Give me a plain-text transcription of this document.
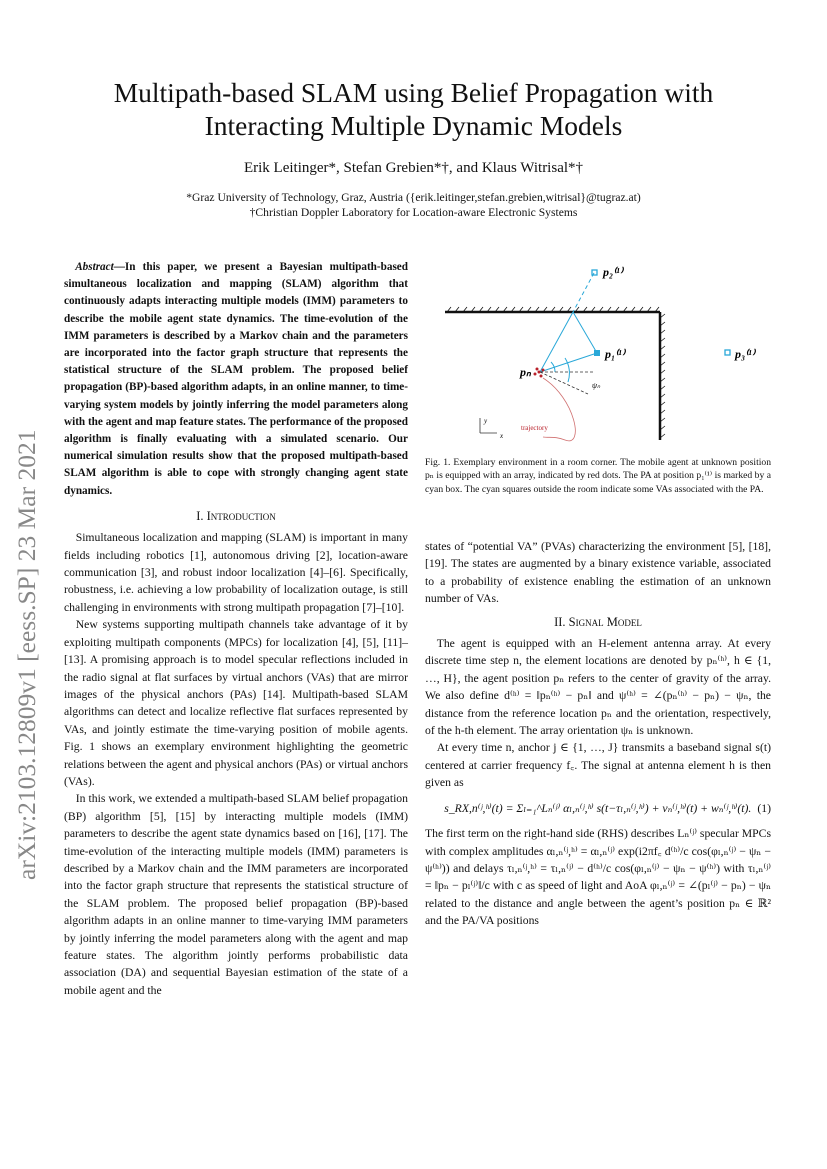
arXiv:2103.12809v1 [eess.SP] 23 Mar 2021
Multipath-based SLAM using Belief Propagation with Interacting Multiple Dynamic Models
Erik Leitinger*, Stefan Grebien*†, and Klaus Witrisal*†
*Graz University of Technology, Graz, Austria ({erik.leitinger,stefan.grebien,witrisal}@tugraz.at)
†Christian Doppler Laboratory for Location-aware Electronic Systems

Abstract—In this paper, we present a Bayesian multipath-based simultaneous localization and mapping (SLAM) algorithm that continuously adapts interacting multiple models (IMM) parameters to describe the mobile agent state dynamics. The time-evolution of the IMM parameters is described by a Markov chain and the parameters are incorporated into the factor graph structure that represents the statistical structure of the SLAM problem. The proposed belief propagation (BP)-based algorithm adapts, in an online manner, to time-varying system models by jointly inferring the model parameters along with the agent and map feature states. The performance of the proposed algorithm is finally evaluating with a simulated scenario. Our numerical simulation results show that the proposed multipath-based SLAM algorithm is able to cope with strongly changing agent state dynamics.

I. Introduction

Simultaneous localization and mapping (SLAM) is important in many fields including robotics [1], autonomous driving [2], location-aware communication [3], and robust indoor localization [4]–[6]. Specifically, robustness, i.e. achieving a low probability of localization outage, is still challenging in environments with strong multipath propagation [7]–[10].

New systems supporting multipath channels take advantage of it by exploiting multipath components (MPCs) for localization [4], [5], [11]–[13]. A promising approach is to model specular reflections included in the radio signal at flat surfaces by virtual anchors (VAs) that are mirror images of the physical anchors (PAs) [14]. Multipath-based SLAM algorithms can detect and localize reflective flat surfaces represented by VAs, and jointly estimate the time-varying position of mobile agents. Fig. 1 shows an exemplary environment highlighting the geometric relations between the agent and physical anchors (PAs) or virtual anchors (VAs).

In this work, we extended a multipath-based SLAM belief propagation (BP) algorithm [5], [15] by interacting multiple models (IMM) parameters to describe the agent state dynamics based on [16], [17]. The time-evolution of the interacting multiple models (IMM) parameters is described by a Markov chain and the IMM parameters are incorporated into the factor graph structure that represents the statistical structure of the SLAM problem. The proposed belief propagation (BP)-based algorithm adapts in an online manner to time-varying IMM parameters by jointly inferring the model parameters along with the agent and map feature states. The algorithm jointly performs probabilistic data association (DA) and sequential Bayesian estimation of the state of a mobile agent and the

p₂⁽¹⁾
p₁⁽¹⁾	p₃⁽¹⁾
pₙ
ψₙ
trajectory
x
y
Fig. 1. Exemplary environment in a room corner. The mobile agent at unknown position pₙ is equipped with an array, indicated by red dots. The PA at position p₁⁽¹⁾ is marked by a cyan box. The cyan squares outside the room indicate some VAs associated with the PA.

states of “potential VA” (PVAs) characterizing the environment [5], [18], [19]. The states are augmented by a binary existence variable, associated to a probability of existence enabling the estimation of an unknown number of VAs.

II. Signal Model

The agent is equipped with an H-element antenna array. At every discrete time step n, the element locations are denoted by pₙ⁽ʰ⁾, h ∈ {1, …, H}, the agent position pₙ refers to the center of gravity of the array. We also define d⁽ʰ⁾ = ‖pₙ⁽ʰ⁾ − pₙ‖ and ψ⁽ʰ⁾ = ∠(pₙ⁽ʰ⁾ − pₙ) − ψₙ, the distance from the reference location pₙ and the orientation, respectively, of the h-th element. The array orientation ψₙ is unknown.

At every time n, anchor j ∈ {1, …, J} transmits a baseband signal s(t) centered at carrier frequency f꜀. The signal at antenna element h is then given as

s_RX,n⁽ʲ,ʰ⁾(t) = Σₗ₌₁^Lₙ⁽ʲ⁾ αₗ,ₙ⁽ʲ,ʰ⁾ s(t−τₗ,ₙ⁽ʲ,ʰ⁾) + νₙ⁽ʲ,ʰ⁾(t) + wₙ⁽ʲ,ʰ⁾(t). (1)

The first term on the right-hand side (RHS) describes Lₙ⁽ʲ⁾ specular MPCs with complex amplitudes αₗ,ₙ⁽ʲ,ʰ⁾ = αₗ,ₙ⁽ʲ⁾ exp(i2πf꜀ d⁽ʰ⁾/c cos(φₗ,ₙ⁽ʲ⁾ − ψₙ − ψ⁽ʰ⁾)) and delays τₗ,ₙ⁽ʲ,ʰ⁾ = τₗ,ₙ⁽ʲ⁾ − d⁽ʰ⁾/c cos(φₗ,ₙ⁽ʲ⁾ − ψₙ − ψ⁽ʰ⁾) with τₗ,ₙ⁽ʲ⁾ = ‖pₙ − pₗ⁽ʲ⁾‖/c with c as speed of light and AoA φₗ,ₙ⁽ʲ⁾ = ∠(pₗ⁽ʲ⁾ − pₙ) − ψₙ related to the distance and angle between the agent’s position pₙ ∈ ℝ² and the PA/VA positions
